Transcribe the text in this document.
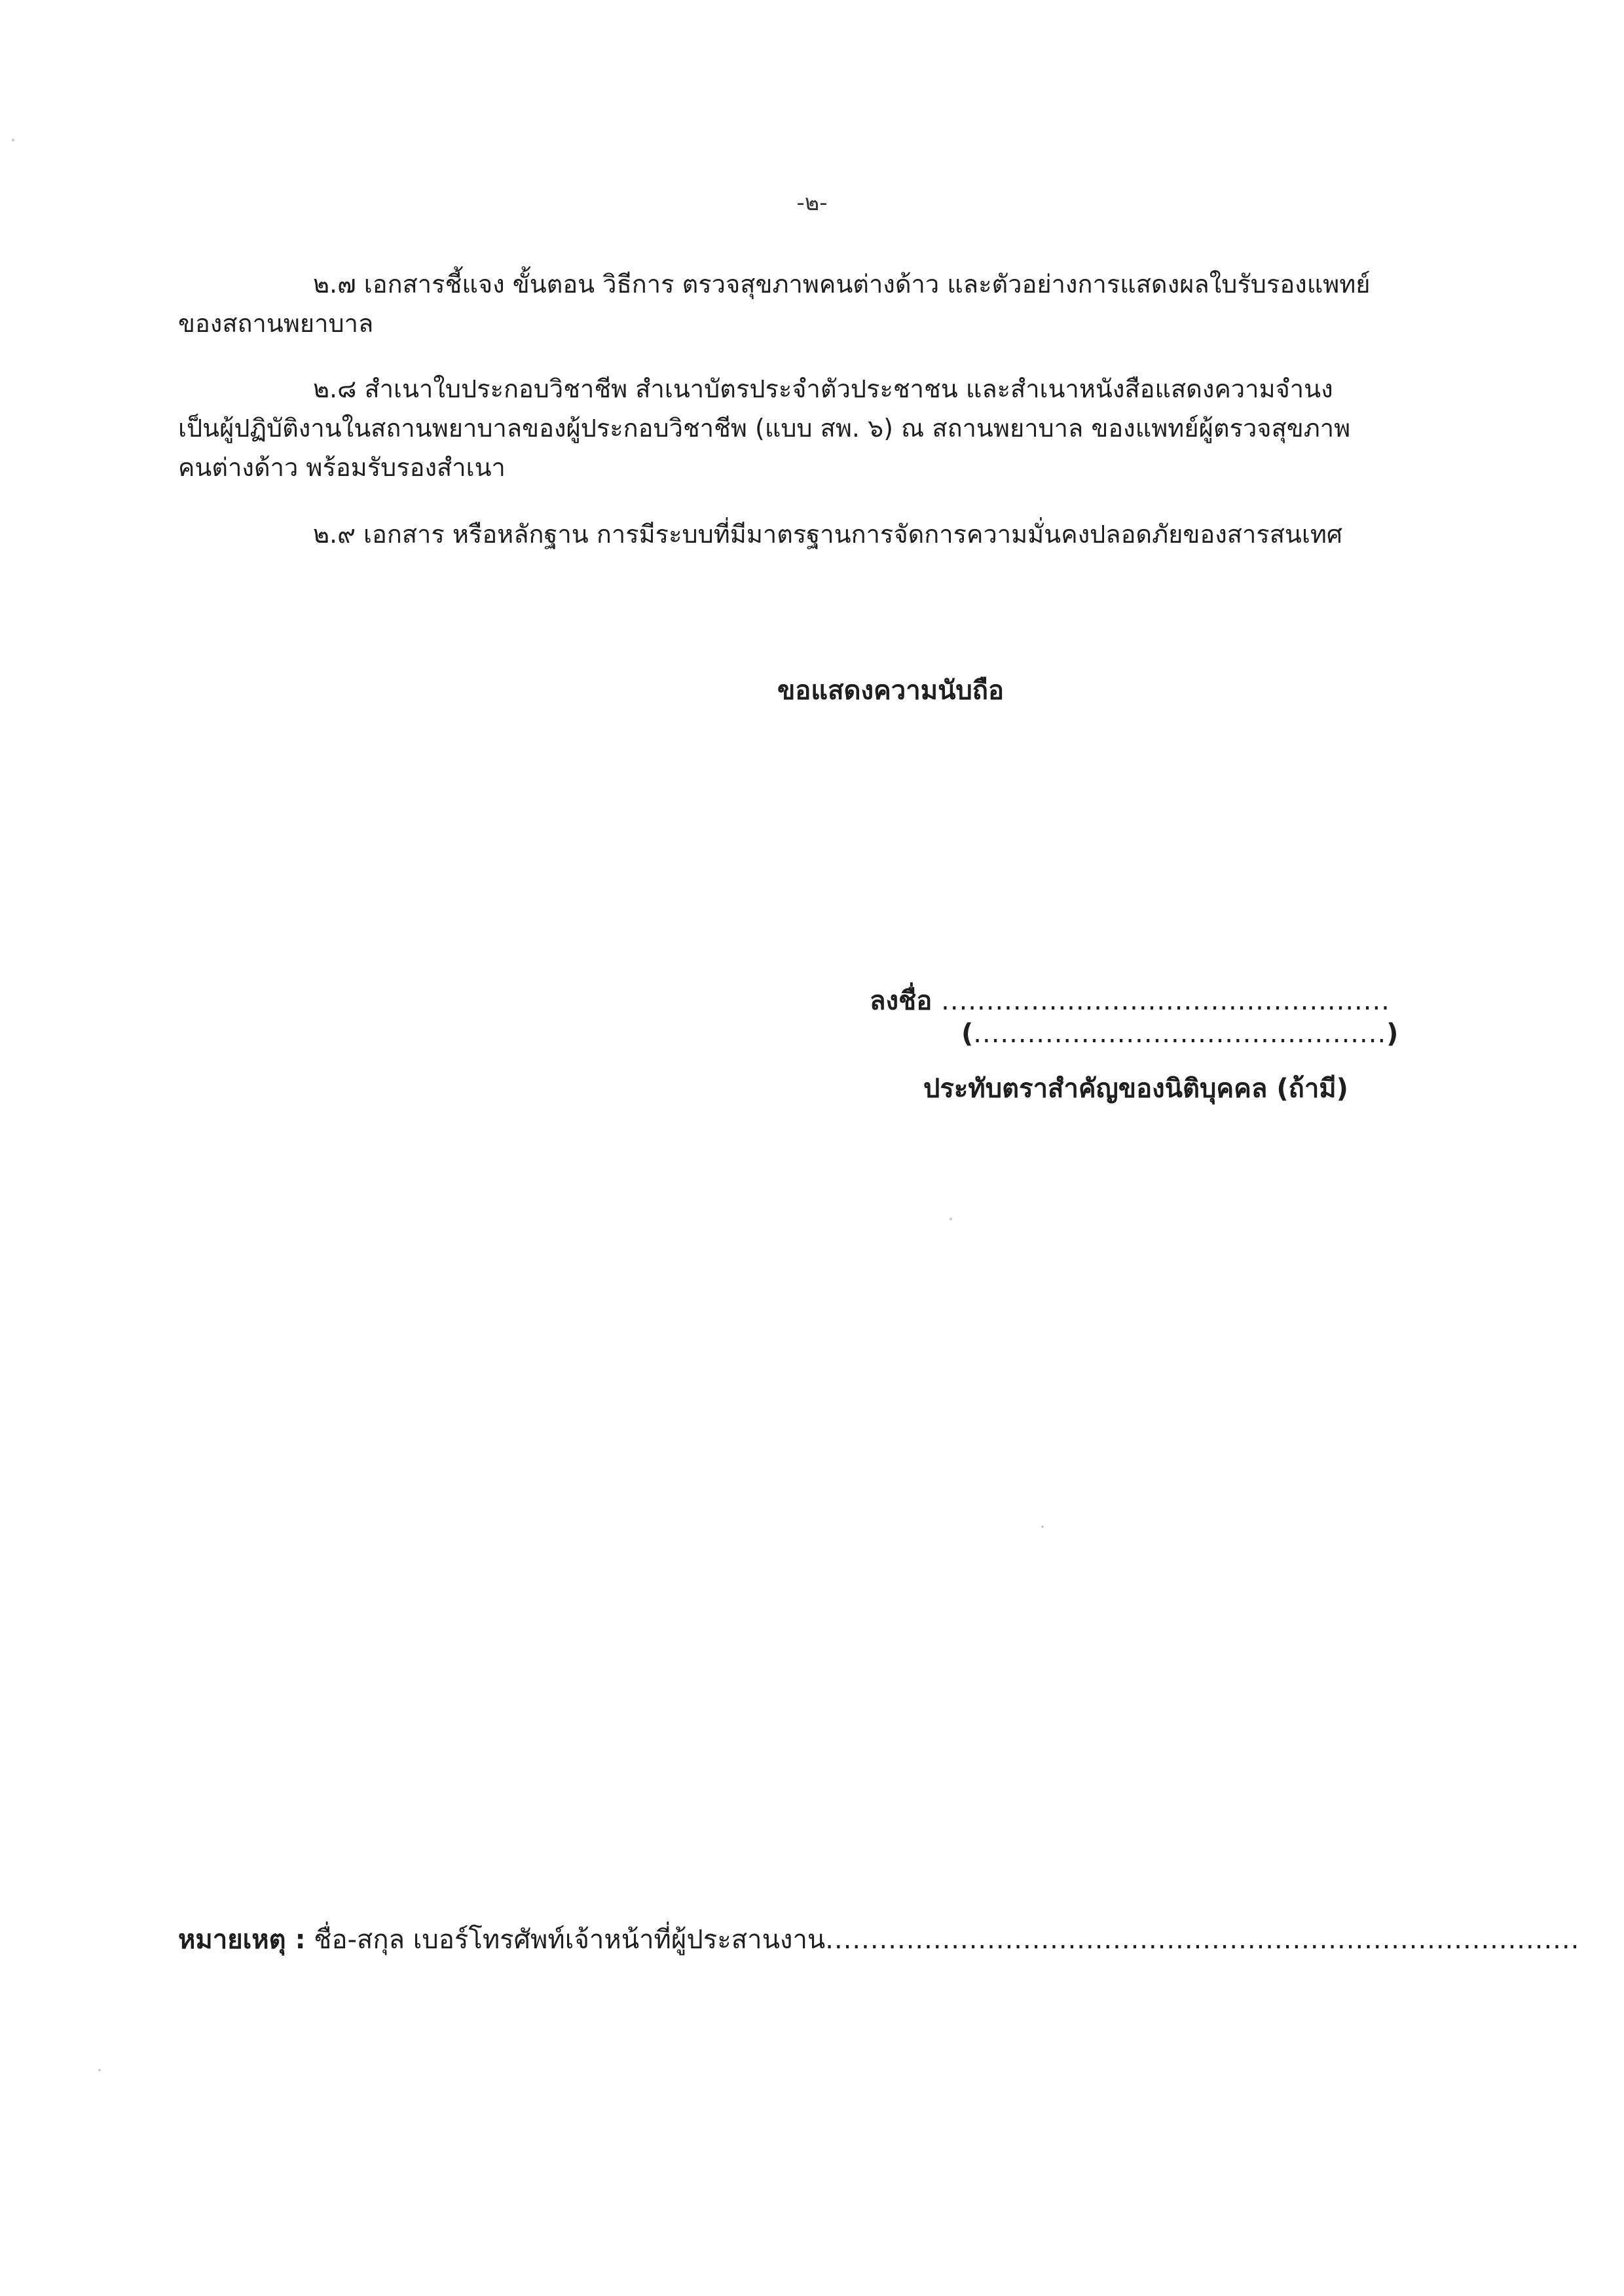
-๒-
๒.๗ เอกสารชี้แจง ขั้นตอน วิธีการ ตรวจสุขภาพคนต่างด้าว และตัวอย่างการแสดงผลใบรับรองแพทย์
ของสถานพยาบาล
๒.๘ สำเนาใบประกอบวิชาชีพ สำเนาบัตรประจำตัวประชาชน และสำเนาหนังสือแสดงความจำนง
เป็นผู้ปฏิบัติงานในสถานพยาบาลของผู้ประกอบวิชาชีพ (แบบ สพ. ๖) ณ สถานพยาบาล ของแพทย์ผู้ตรวจสุขภาพ
คนต่างด้าว พร้อมรับรองสำเนา
๒.๙ เอกสาร หรือหลักฐาน การมีระบบที่มีมาตรฐานการจัดการความมั่นคงปลอดภัยของสารสนเทศ
ขอแสดงความนับถือ
ลงชื่อ ..................................................
(..............................................)
ประทับตราสำคัญของนิติบุคคล (ถ้ามี)
หมายเหตุ : ชื่อ-สกุล เบอร์โทรศัพท์เจ้าหน้าที่ผู้ประสานงาน....................................................................................
